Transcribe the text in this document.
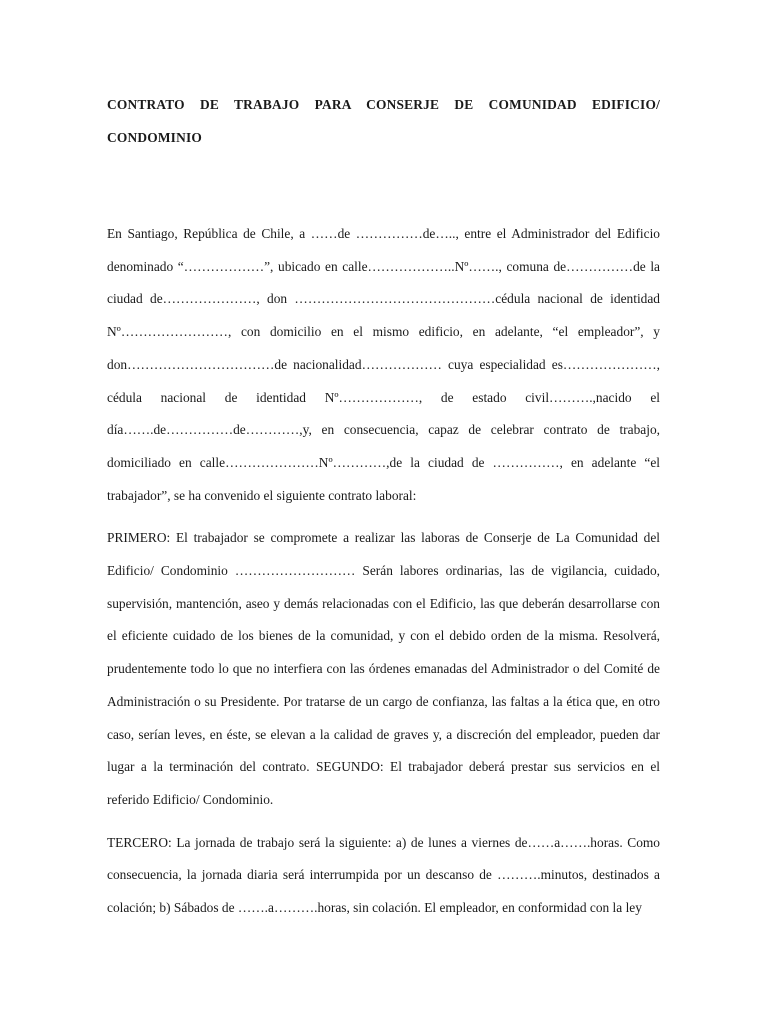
CONTRATO DE TRABAJO PARA CONSERJE DE COMUNIDAD EDIFICIO/
CONDOMINIO

En Santiago, República de Chile, a ……de ……………de….., entre el Administrador del Edificio denominado “………………”, ubicado en calle………………..Nº……., comuna de……………de la ciudad de…………………, don ………………………………………cédula nacional de identidad Nº……………………, con domicilio en el mismo edificio, en adelante, “el empleador”, y don……………………………de nacionalidad……………… cuya especialidad es…………………, cédula nacional de identidad Nº………………, de estado civil……….,nacido el día…….de……………de…………,y, en consecuencia, capaz de celebrar contrato de trabajo, domiciliado en calle…………………Nº…………,de la ciudad de ……………, en adelante “el trabajador”, se ha convenido el siguiente contrato laboral:

PRIMERO: El trabajador se compromete a realizar las laboras de Conserje de La Comunidad del Edificio/ Condominio ……………………… Serán labores ordinarias, las de vigilancia, cuidado, supervisión, mantención, aseo y demás relacionadas con el Edificio, las que deberán desarrollarse con el eficiente cuidado de los bienes de la comunidad, y con el debido orden de la misma. Resolverá, prudentemente todo lo que no interfiera con las órdenes emanadas del Administrador o del Comité de Administración o su Presidente. Por tratarse de un cargo de confianza, las faltas a la ética que, en otro caso, serían leves, en éste, se elevan a la calidad de graves y, a discreción del empleador, pueden dar lugar a la terminación del contrato. SEGUNDO: El trabajador deberá prestar sus servicios en el referido Edificio/ Condominio.

TERCERO: La jornada de trabajo será la siguiente: a) de lunes a viernes de……a…….horas. Como consecuencia, la jornada diaria será interrumpida por un descanso de ……….minutos, destinados a colación; b) Sábados de …….a……….horas, sin colación. El empleador, en conformidad con la ley
